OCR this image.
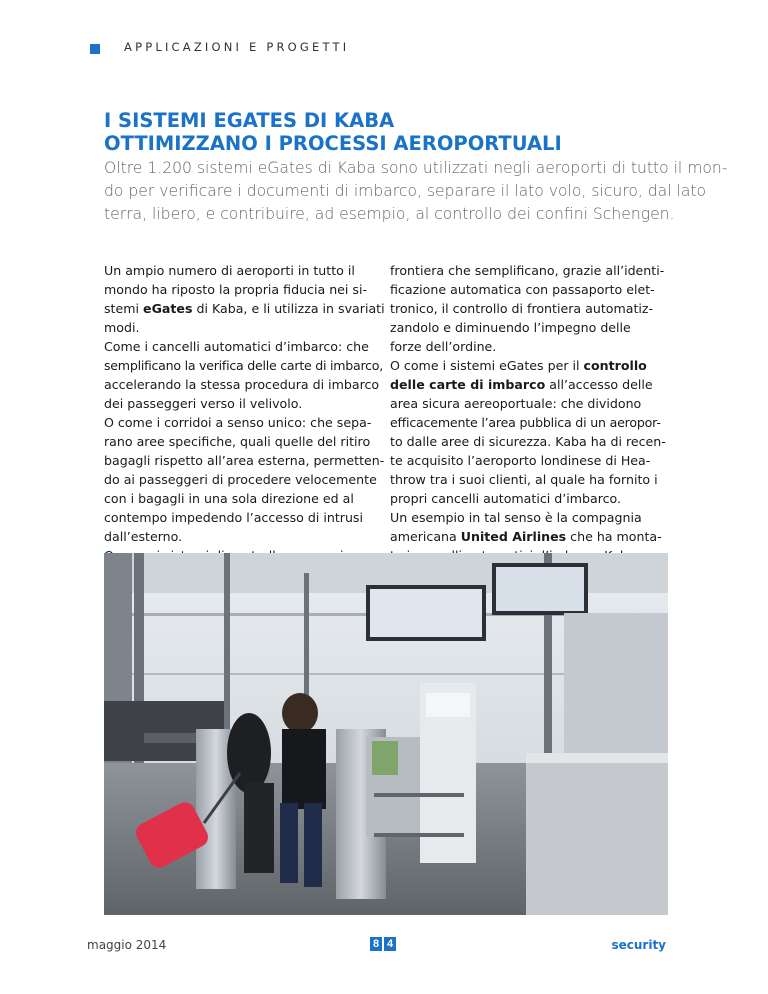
APPLICAZIONI E PROGETTI
I SISTEMI EGATES DI KABA
OTTIMIZZANO I PROCESSI AEROPORTUALI
Oltre 1.200 sistemi eGates di Kaba sono utilizzati negli aeroporti di tutto il mon-
do per verificare i documenti di imbarco, separare il lato volo, sicuro, dal lato
terra, libero, e contribuire, ad esempio, al controllo dei confini Schengen.
Un ampio numero di aeroporti in tutto il
mondo ha riposto la propria fiducia nei si-
stemi eGates di Kaba, e li utilizza in svariati
modi.
Come i cancelli automatici d’imbarco: che
semplificano la verifica delle carte di imbarco,
accelerando la stessa procedura di imbarco
dei passeggeri verso il velivolo.
O come i corridoi a senso unico: che sepa-
rano aree specifiche, quali quelle del ritiro
bagagli rispetto all’area esterna, permetten-
do ai passeggeri di procedere velocemente
con i bagagli in una sola direzione ed al
contempo impedendo l’accesso di intrusi
dall’esterno.
frontiera che semplificano, grazie all’identi-
ficazione automatica con passaporto elet-
tronico, il controllo di frontiera automatiz-
zandolo e diminuendo l’impegno delle
forze dell’ordine.
O come i sistemi eGates per il controllo
delle carte di imbarco all’accesso delle
area sicura aereoportuale: che dividono
efficacemente l’area pubblica di un aeropor-
to dalle aree di sicurezza. Kaba ha di recen-
te acquisito l’aeroporto londinese di Hea-
throw tra i suoi clienti, al quale ha fornito i
propri cancelli automatici d’imbarco.
Un esempio in tal senso è la compagnia
americana United Airlines che ha monta-
maggio 2014	8 4	security
